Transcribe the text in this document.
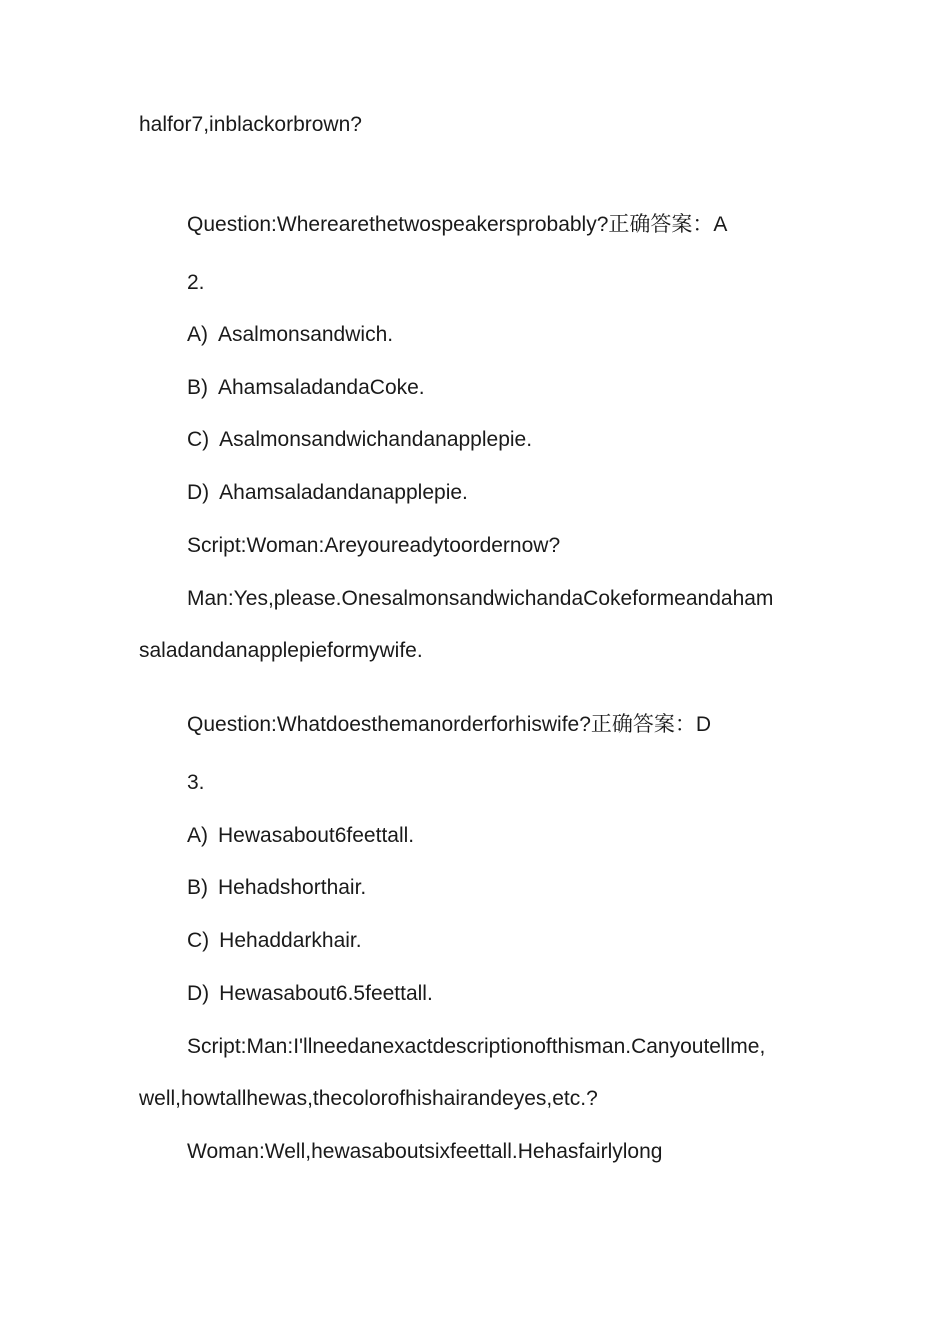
halfor7,inblackorbrown?
Question:Wherearethetwospeakersprobably?正确答案：A
2.
A) Asalmonsandwich.
B) AhamsaladandaCoke.
C) Asalmonsandwichandanapplepie.
D) Ahamsaladandanapplepie.
Script:Woman:Areyoureadytoordernow?
Man:Yes,please.OnesalmonsandwichandaCokeformeandaham
saladandanapplepieformywife.
Question:Whatdoesthemanorderforhiswife?正确答案：D
3.
A) Hewasabout6feettall.
B) Hehadshorthair.
C) Hehaddarkhair.
D) Hewasabout6.5feettall.
Script:Man:I'llneedanexactdescriptionofthisman.Canyoutellme,
well,howtallhewas,thecolorofhishairandeyes,etc.?
Woman:Well,hewasaboutsixfeettall.Hehasfairlylong
